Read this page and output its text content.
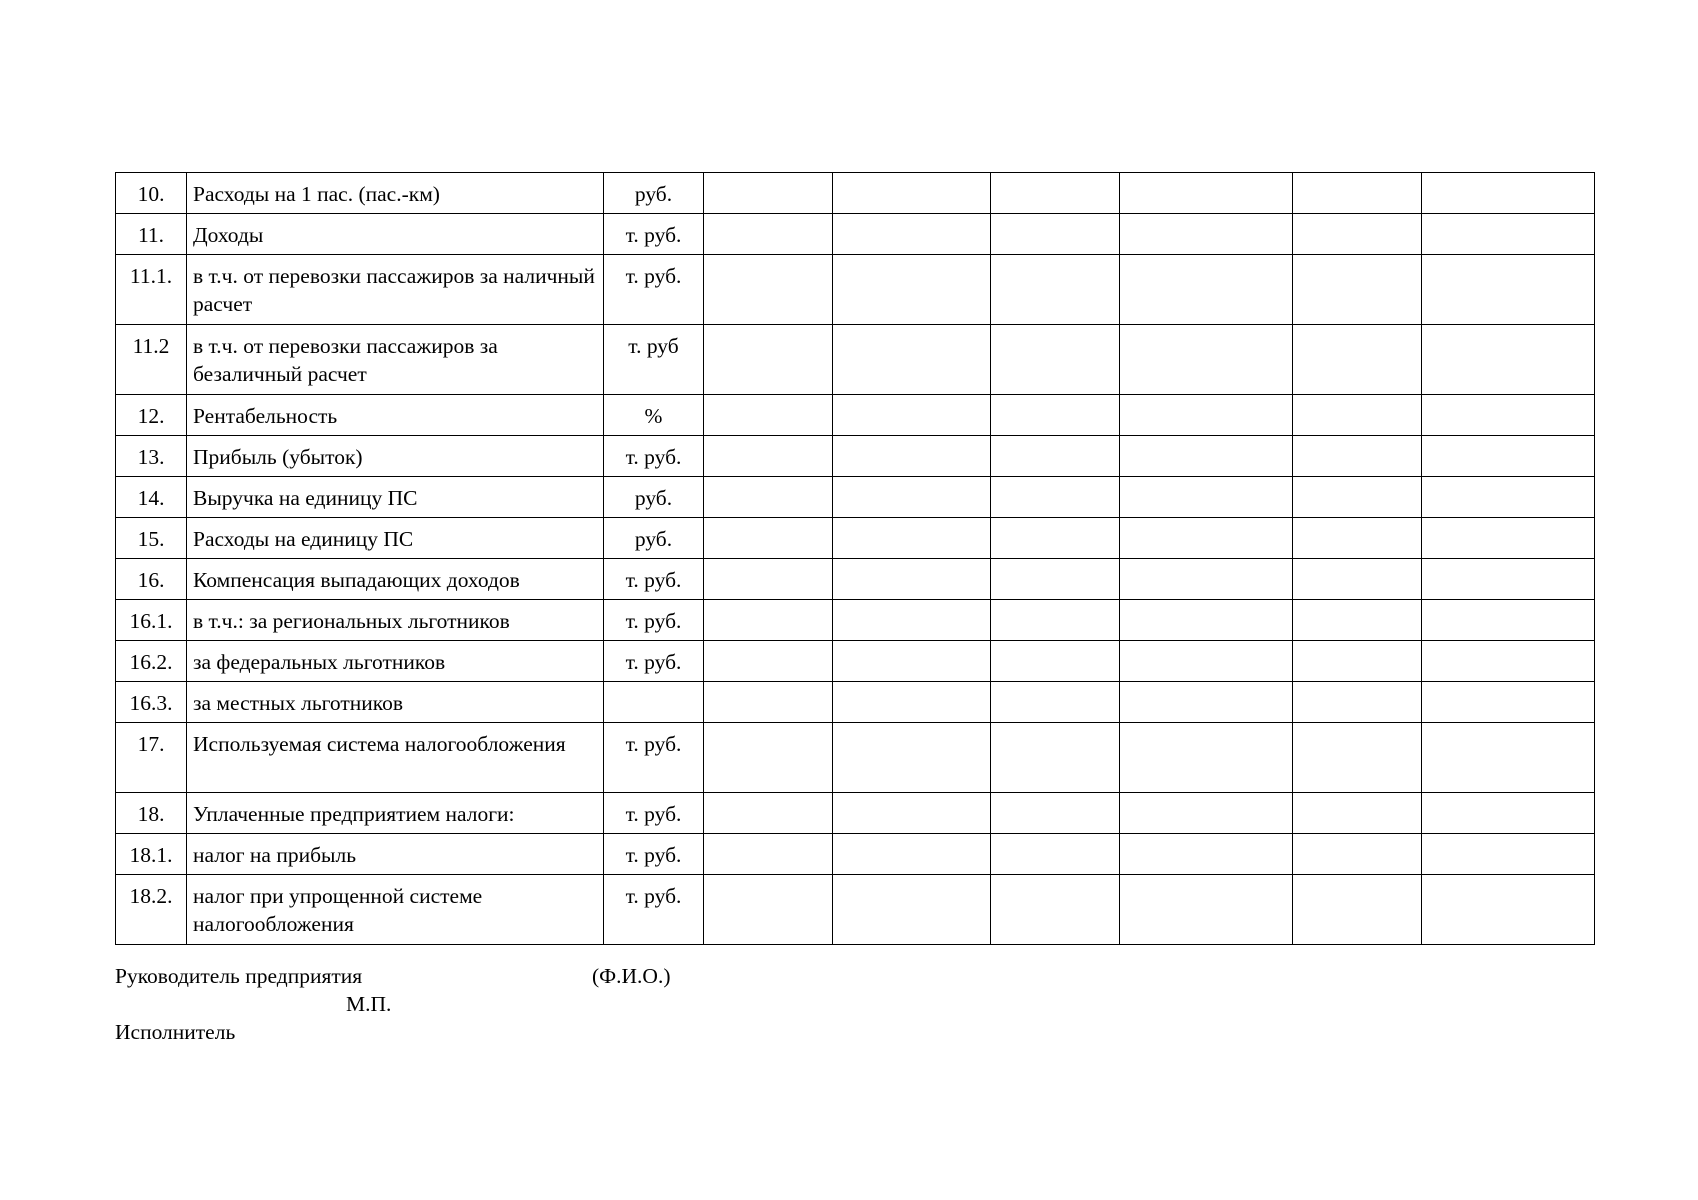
10.	Расходы на 1 пас. (пас.-км)	руб.						
11.	Доходы	т. руб.						
11.1.	в т.ч. от перевозки пассажиров за наличный расчет	т. руб.						
11.2	в т.ч. от перевозки пассажиров за безаличный расчет	т. руб						
12.	Рентабельность	%						
13.	Прибыль (убыток)	т. руб.						
14.	Выручка на единицу ПС	руб.						
15.	Расходы на единицу ПС	руб.						
16.	Компенсация выпадающих доходов	т. руб.						
16.1.	в т.ч.: за региональных льготников	т. руб.						
16.2.	за федеральных льготников	т. руб.						
16.3.	за местных льготников							
17.	Используемая система налогообложения	т. руб.						
18.	Уплаченные предприятием налоги:	т. руб.						
18.1.	налог на прибыль	т. руб.						
18.2.	налог при упрощенной системе налогообложения	т. руб.						
Руководитель предприятия	(Ф.И.О.)
М.П.
Исполнитель
